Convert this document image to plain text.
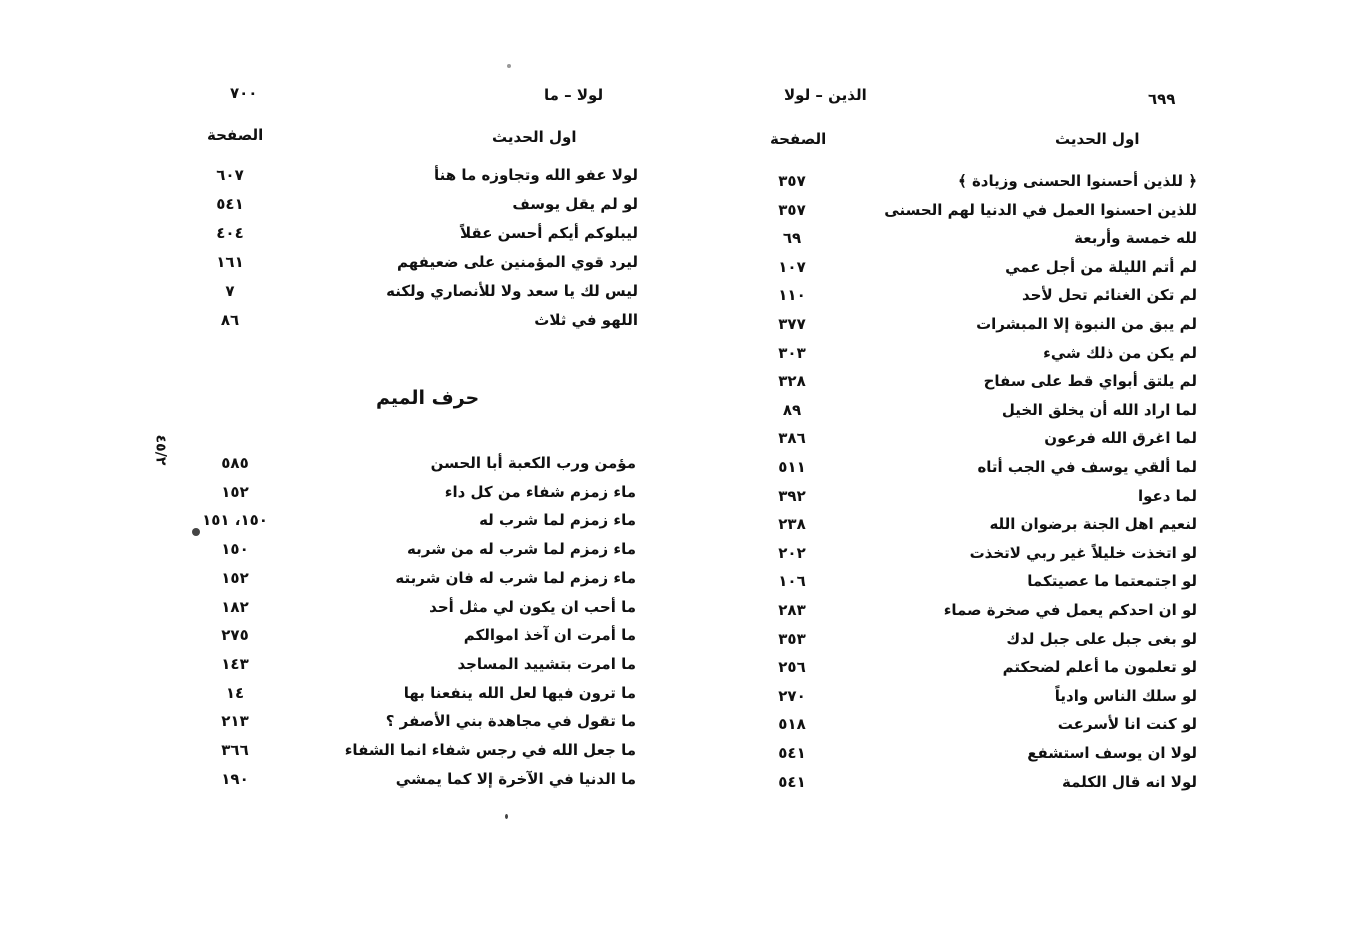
٦٩٩
الذين – لولا
اول الحديث
الصفحة
﴿ للذين أحسنوا الحسنى وزيادة ﴾
٣٥٧
للذين احسنوا العمل في الدنيا لهم الحسنى
٣٥٧
لله خمسة وأربعة
٦٩
لم أتم الليلة من أجل عمي
١٠٧
لم تكن الغنائم تحل لأحد
١١٠
لم يبق من النبوة إلا المبشرات
٣٧٧
لم يكن من ذلك شيء
٣٠٣
لم يلتق أبواي قط على سفاح
٣٢٨
لما اراد الله أن يخلق الخيل
٨٩
لما اغرق الله فرعون
٣٨٦
لما ألقي يوسف في الجب أتاه
٥١١
لما دعوا
٣٩٢
لنعيم اهل الجنة برضوان الله
٢٣٨
لو اتخذت خليلاً غير ربي لاتخذت
٢٠٢
لو اجتمعتما ما عصيتكما
١٠٦
لو ان احدكم يعمل في صخرة صماء
٢٨٣
لو بغى جبل على جبل لدك
٣٥٣
لو تعلمون ما أعلم لضحكتم
٢٥٦
لو سلك الناس وادياً
٢٧٠
لو كنت انا لأسرعت
٥١٨
لولا ان يوسف استشفع
٥٤١
لولا انه قال الكلمة
٥٤١
٧٠٠	لولا – ما
اول الحديث
الصفحة
لولا عفو الله وتجاوزه ما هنأ
٦٠٧
لو لم يقل يوسف
٥٤١
ليبلوكم أيكم أحسن عقلاً
٤٠٤
ليرد قوي المؤمنين على ضعيفهم
١٦١
ليس لك يا سعد ولا للأنصاري ولكنه
٧
اللهو في ثلاث
٨٦
حرف الميم
مؤمن ورب الكعبة أبا الحسن
٥٨٥
ماء زمزم شفاء من كل داء
١٥٢
ماء زمزم لما شرب له
١٥٠، ١٥١
ماء زمزم لما شرب له من شربه
١٥٠
ماء زمزم لما شرب له فان شربته
١٥٢
ما أحب ان يكون لي مثل أحد
١٨٢
ما أمرت ان آخذ اموالكم
٢٧٥
ما امرت بتشييد المساجد
١٤٣
ما ترون فيها لعل الله ينفعنا بها
١٤
ما تقول في مجاهدة بني الأصفر ؟
٢١٣
ما جعل الله في رجس شفاء انما الشفاء
٣٦٦
ما الدنيا في الآخرة إلا كما يمشي
١٩٠
٤٥/٢
